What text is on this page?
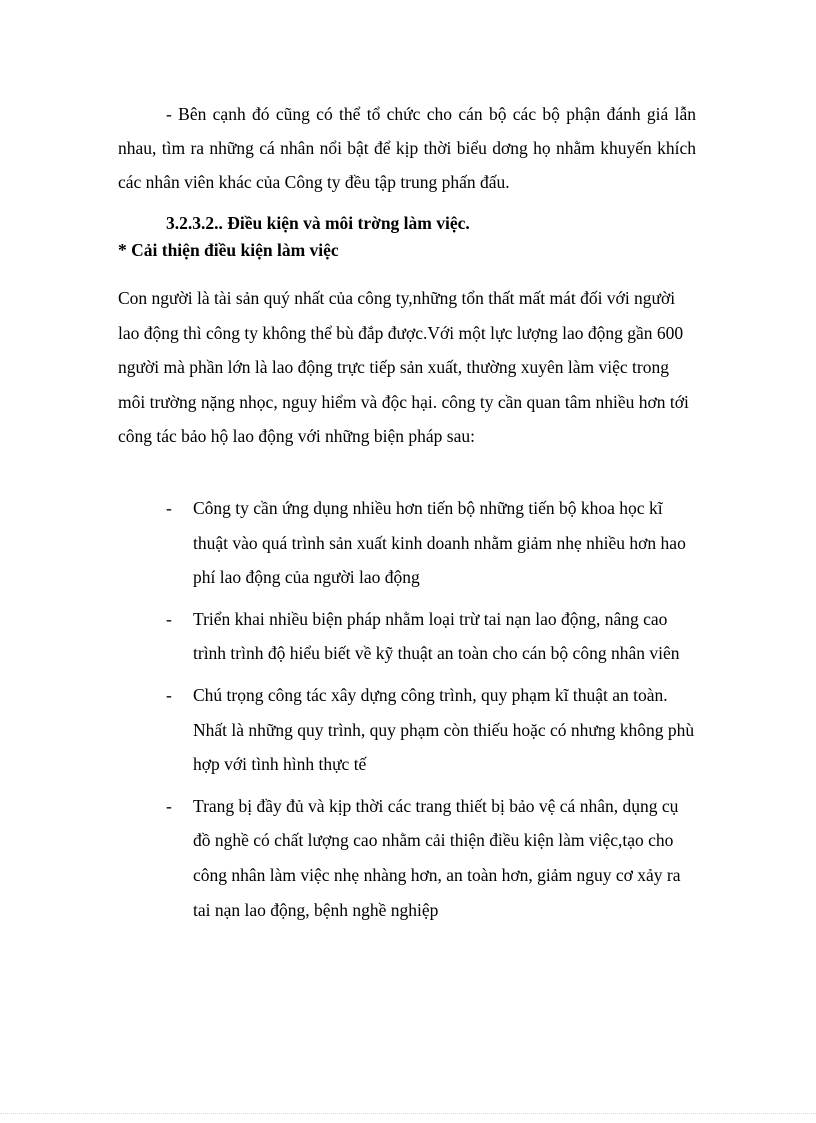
- Bên cạnh đó cũng có thể tổ chức cho cán bộ các bộ phận đánh giá lẫn nhau, tìm ra những cá nhân nổi bật để kịp thời biểu dơng họ nhằm khuyến khích các nhân viên khác của Công ty đều tập trung phấn đấu.

3.2.3.2.. Điều kiện và môi trờng làm việc.
* Cải thiện điều kiện làm việc

Con người là tài sản quý nhất của công ty,những tổn thất mất mát đối với người lao động thì công ty không thể bù đắp được.Với một lực lượng lao động gần 600 người mà phần lớn là lao động trực tiếp sản xuất, thường xuyên làm việc trong môi trường nặng nhọc, nguy hiểm và độc hại. công ty cần quan tâm nhiều hơn tới công tác bảo hộ lao động với những biện pháp sau:

- Công ty cần ứng dụng nhiều hơn tiến bộ những tiến bộ khoa học kĩ thuật vào quá trình sản xuất kinh doanh nhằm giảm nhẹ nhiều hơn hao phí lao động của người lao động
- Triển khai nhiều biện pháp nhằm loại trừ tai nạn lao động, nâng cao trình trình độ hiểu biết về kỹ thuật an toàn cho cán bộ công nhân viên
- Chú trọng công tác xây dựng công trình, quy phạm kĩ thuật an toàn. Nhất là những quy trình, quy phạm còn thiếu hoặc có nhưng không phù hợp với tình hình thực tế
- Trang bị đầy đủ và kịp thời các trang thiết bị bảo vệ cá nhân, dụng cụ đồ nghề có chất lượng cao nhằm cải thiện điều kiện làm việc,tạo cho công nhân làm việc nhẹ nhàng hơn, an toàn hơn, giảm nguy cơ xảy ra tai nạn lao động, bệnh nghề nghiệp
